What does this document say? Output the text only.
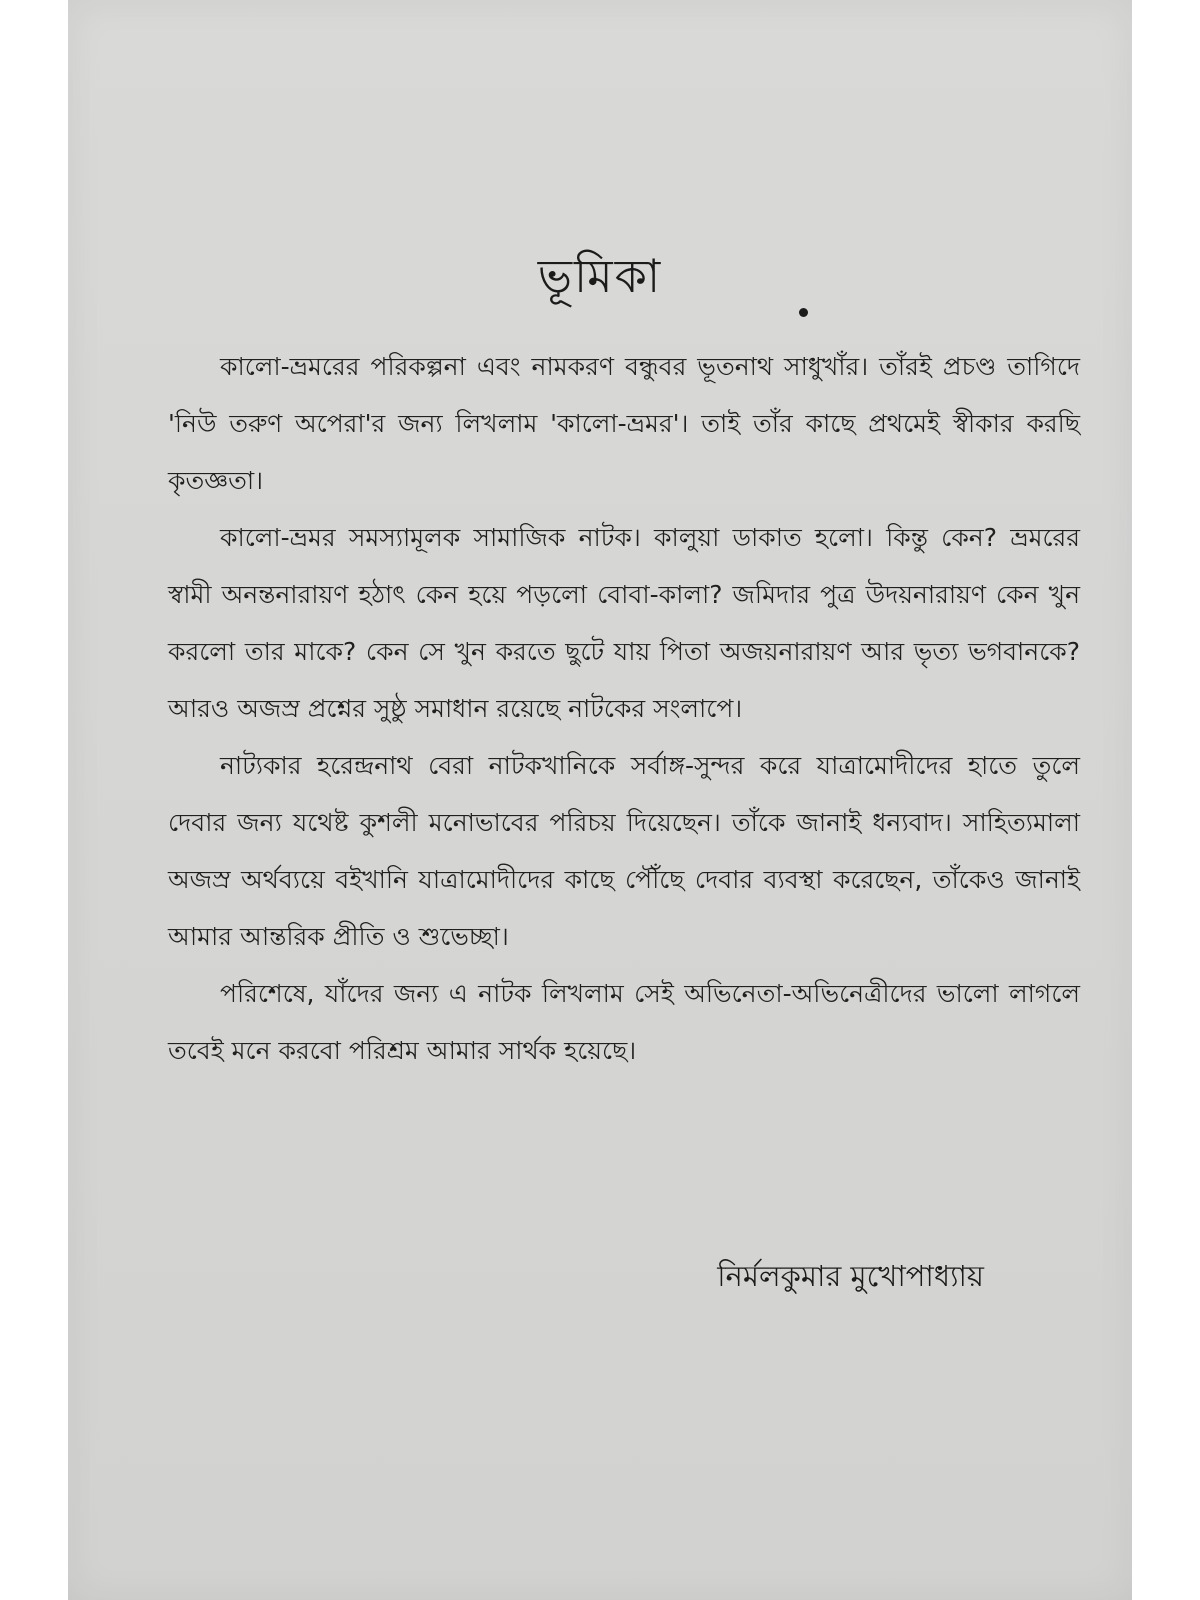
ভূমিকা

কালো-ভ্রমরের পরিকল্পনা এবং নামকরণ বন্ধুবর ভূতনাথ সাধুখাঁর। তাঁরই প্রচণ্ড তাগিদে 'নিউ তরুণ অপেরা'র জন্য লিখলাম 'কালো-ভ্রমর'। তাই তাঁর কাছে প্রথমেই স্বীকার করছি কৃতজ্ঞতা।

কালো-ভ্রমর সমস্যামূলক সামাজিক নাটক। কালুয়া ডাকাত হলো। কিন্তু কেন? ভ্রমরের স্বামী অনন্তনারায়ণ হঠাৎ কেন হয়ে পড়লো বোবা-কালা? জমিদার পুত্র উদয়নারায়ণ কেন খুন করলো তার মাকে? কেন সে খুন করতে ছুটে যায় পিতা অজয়নারায়ণ আর ভৃত্য ভগবানকে? আরও অজস্র প্রশ্নের সুষ্ঠু সমাধান রয়েছে নাটকের সংলাপে।

নাট্যকার হরেন্দ্রনাথ বেরা নাটকখানিকে সর্বাঙ্গ-সুন্দর করে যাত্রামোদীদের হাতে তুলে দেবার জন্য যথেষ্ট কুশলী মনোভাবের পরিচয় দিয়েছেন। তাঁকে জানাই ধন্যবাদ। সাহিত্যমালা অজস্র অর্থব্যয়ে বইখানি যাত্রামোদীদের কাছে পৌঁছে দেবার ব্যবস্থা করেছেন, তাঁকেও জানাই আমার আন্তরিক প্রীতি ও শুভেচ্ছা।

পরিশেষে, যাঁদের জন্য এ নাটক লিখলাম সেই অভিনেতা-অভিনেত্রীদের ভালো লাগলে তবেই মনে করবো পরিশ্রম আমার সার্থক হয়েছে।

নির্মলকুমার মুখোপাধ্যায়
